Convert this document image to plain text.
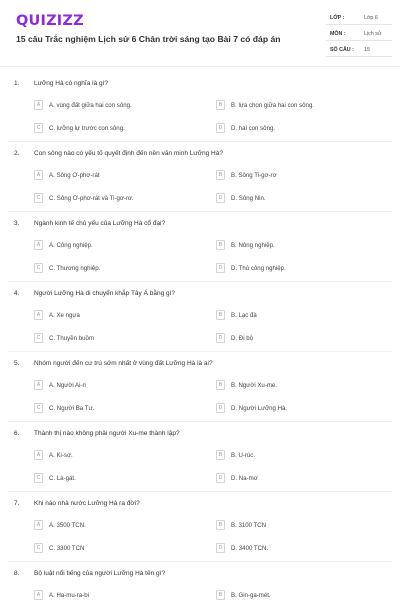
QUIZIZZ
15 câu Trắc nghiệm Lịch sử 6 Chân trời sáng tạo Bài 7 có đáp án
LỚP :	Lớp 6
MÔN :	Lịch sử
SỐ CÂU : 15
1. Lưỡng Hà có nghĩa là gì?
A	A. vùng đất giữa hai con sông.	B	B. lựa chọn giữa hai con sông.
C	C. lưỡng lự trước con sông.	D	D. hai con sông.
2. Con sông nào có yếu tố quyết định đến nền văn minh Lưỡng Hà?
A	A. Sông Ơ-phơ-rát	B	B. Sông Ti-gơ-rơ
C	C. Sông Ơ-phơ-rát và Ti-gơ-rơ.	D	D. Sông Nin.
3. Ngành kinh tế chủ yếu của Lưỡng Hà cổ đại?
A	A. Công nghiệp.	B	B. Nông nghiệp.
C	C. Thương nghiệp.	D	D. Thủ công nghiệp.
4. Người Lưỡng Hà di chuyển khắp Tây Á bằng gì?
A	A. Xe ngựa	B	B. Lạc đà
C	C. Thuyền buồm	D	D. Đi bộ
5. Nhóm người đến cư trú sớm nhất ở vùng đất Lưỡng Hà là ai?
A	A. Người Ai-ri	B	B. Người Xu-me.
C	C. Người Ba Tư.	D	D. Người Lưỡng Hà.
6. Thành thị nào không phải người Xu-me thành lập?
A	A. Ki-sơ.	B	B. U-rúc.
C	C. La-gát.	D	D. Na-mơ
7. Khi nào nhà nước Lưỡng Hà ra đời?
A	A. 3500 TCN.	B	B. 3100 TCN
C	C. 3300 TCN	D	D. 3400 TCN.
8. Bộ luật nổi tiếng của người Lưỡng Hà tên gì?
A	A. Ha-mu-ra-bi	B	B. Gin-ga-mét.
